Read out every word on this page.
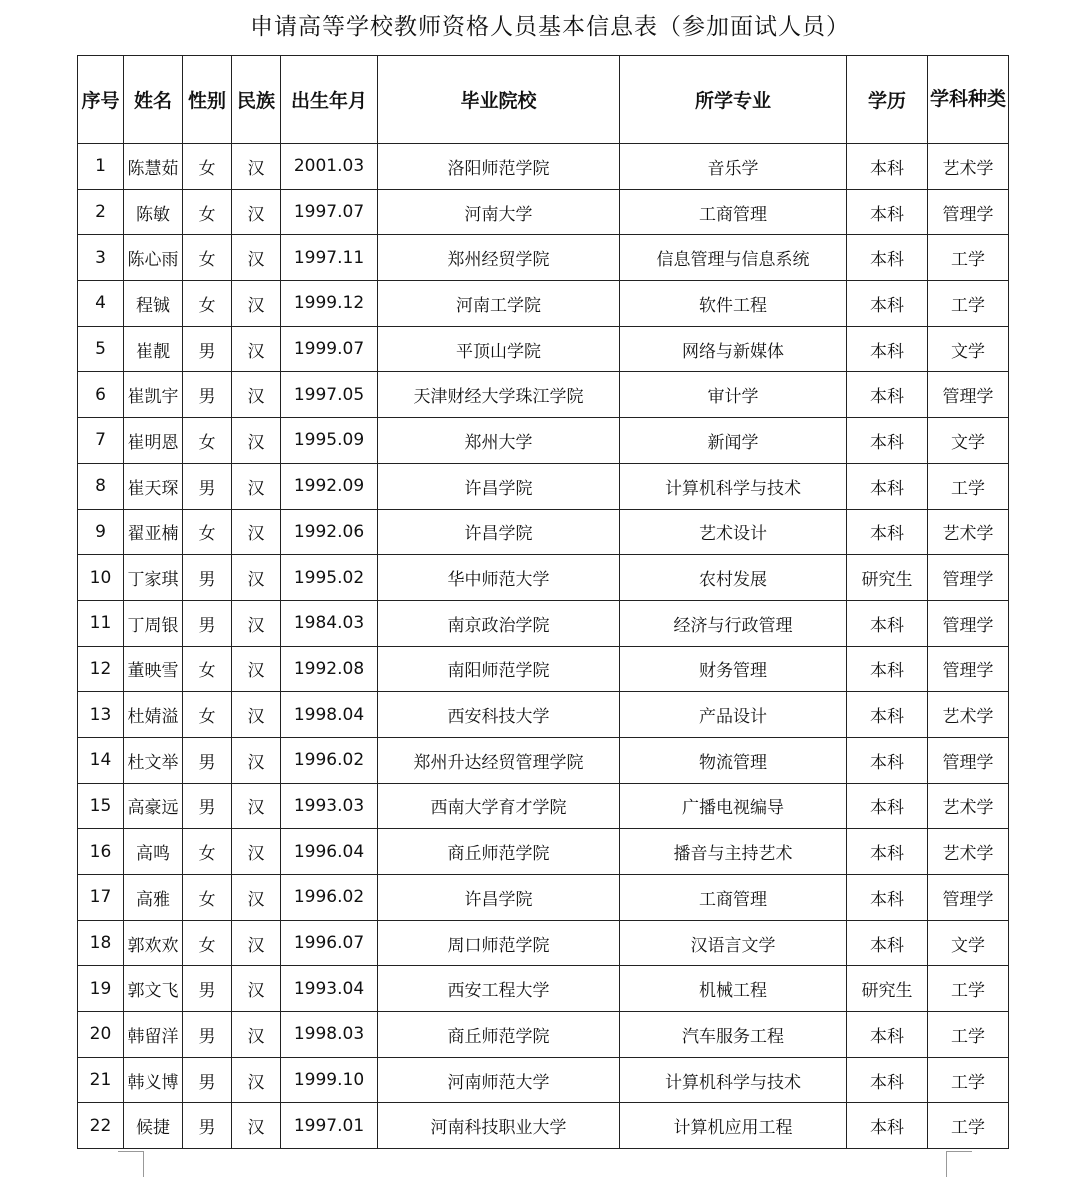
申请高等学校教师资格人员基本信息表（参加面试人员）
序号	姓名	性别	民族	出生年月	毕业院校	所学专业	学历	学科种类
1	陈慧茹	女	汉	2001.03	洛阳师范学院	音乐学	本科	艺术学
2	陈敏	女	汉	1997.07	河南大学	工商管理	本科	管理学
3	陈心雨	女	汉	1997.11	郑州经贸学院	信息管理与信息系统	本科	工学
4	程铖	女	汉	1999.12	河南工学院	软件工程	本科	工学
5	崔靓	男	汉	1999.07	平顶山学院	网络与新媒体	本科	文学
6	崔凯宇	男	汉	1997.05	天津财经大学珠江学院	审计学	本科	管理学
7	崔明恩	女	汉	1995.09	郑州大学	新闻学	本科	文学
8	崔天琛	男	汉	1992.09	许昌学院	计算机科学与技术	本科	工学
9	翟亚楠	女	汉	1992.06	许昌学院	艺术设计	本科	艺术学
10	丁家琪	男	汉	1995.02	华中师范大学	农村发展	研究生	管理学
11	丁周银	男	汉	1984.03	南京政治学院	经济与行政管理	本科	管理学
12	董映雪	女	汉	1992.08	南阳师范学院	财务管理	本科	管理学
13	杜婧溢	女	汉	1998.04	西安科技大学	产品设计	本科	艺术学
14	杜文举	男	汉	1996.02	郑州升达经贸管理学院	物流管理	本科	管理学
15	高豪远	男	汉	1993.03	西南大学育才学院	广播电视编导	本科	艺术学
16	高鸣	女	汉	1996.04	商丘师范学院	播音与主持艺术	本科	艺术学
17	高雅	女	汉	1996.02	许昌学院	工商管理	本科	管理学
18	郭欢欢	女	汉	1996.07	周口师范学院	汉语言文学	本科	文学
19	郭文飞	男	汉	1993.04	西安工程大学	机械工程	研究生	工学
20	韩留洋	男	汉	1998.03	商丘师范学院	汽车服务工程	本科	工学
21	韩义博	男	汉	1999.10	河南师范大学	计算机科学与技术	本科	工学
22	候捷	男	汉	1997.01	河南科技职业大学	计算机应用工程	本科	工学
